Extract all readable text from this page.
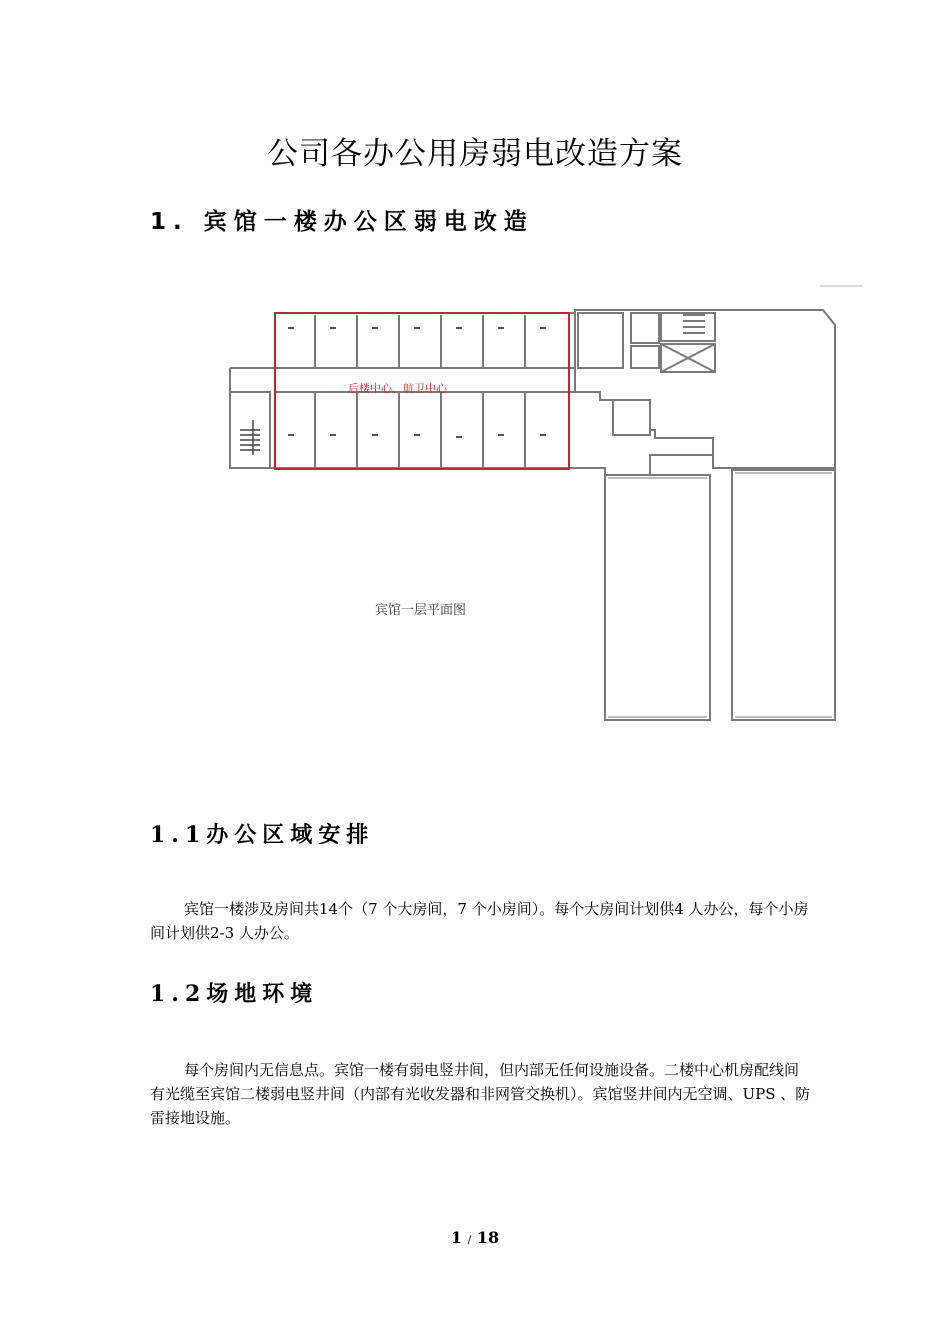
公司各办公用房弱电改造方案
1. 宾馆一楼办公区弱电改造
后楼中心、航卫中心
宾馆一层平面图
1.1办公区域安排
宾馆一楼涉及房间共14个（7 个大房间，7 个小房间）。每个大房间计划供4 人办公，每个小房间计划供2-3 人办公。
1.2场地环境
每个房间内无信息点。宾馆一楼有弱电竖井间，但内部无任何设施设备。二楼中心机房配线间有光缆至宾馆二楼弱电竖井间（内部有光收发器和非网管交换机）。宾馆竖井间内无空调、UPS 、防雷接地设施。
1 / 18
